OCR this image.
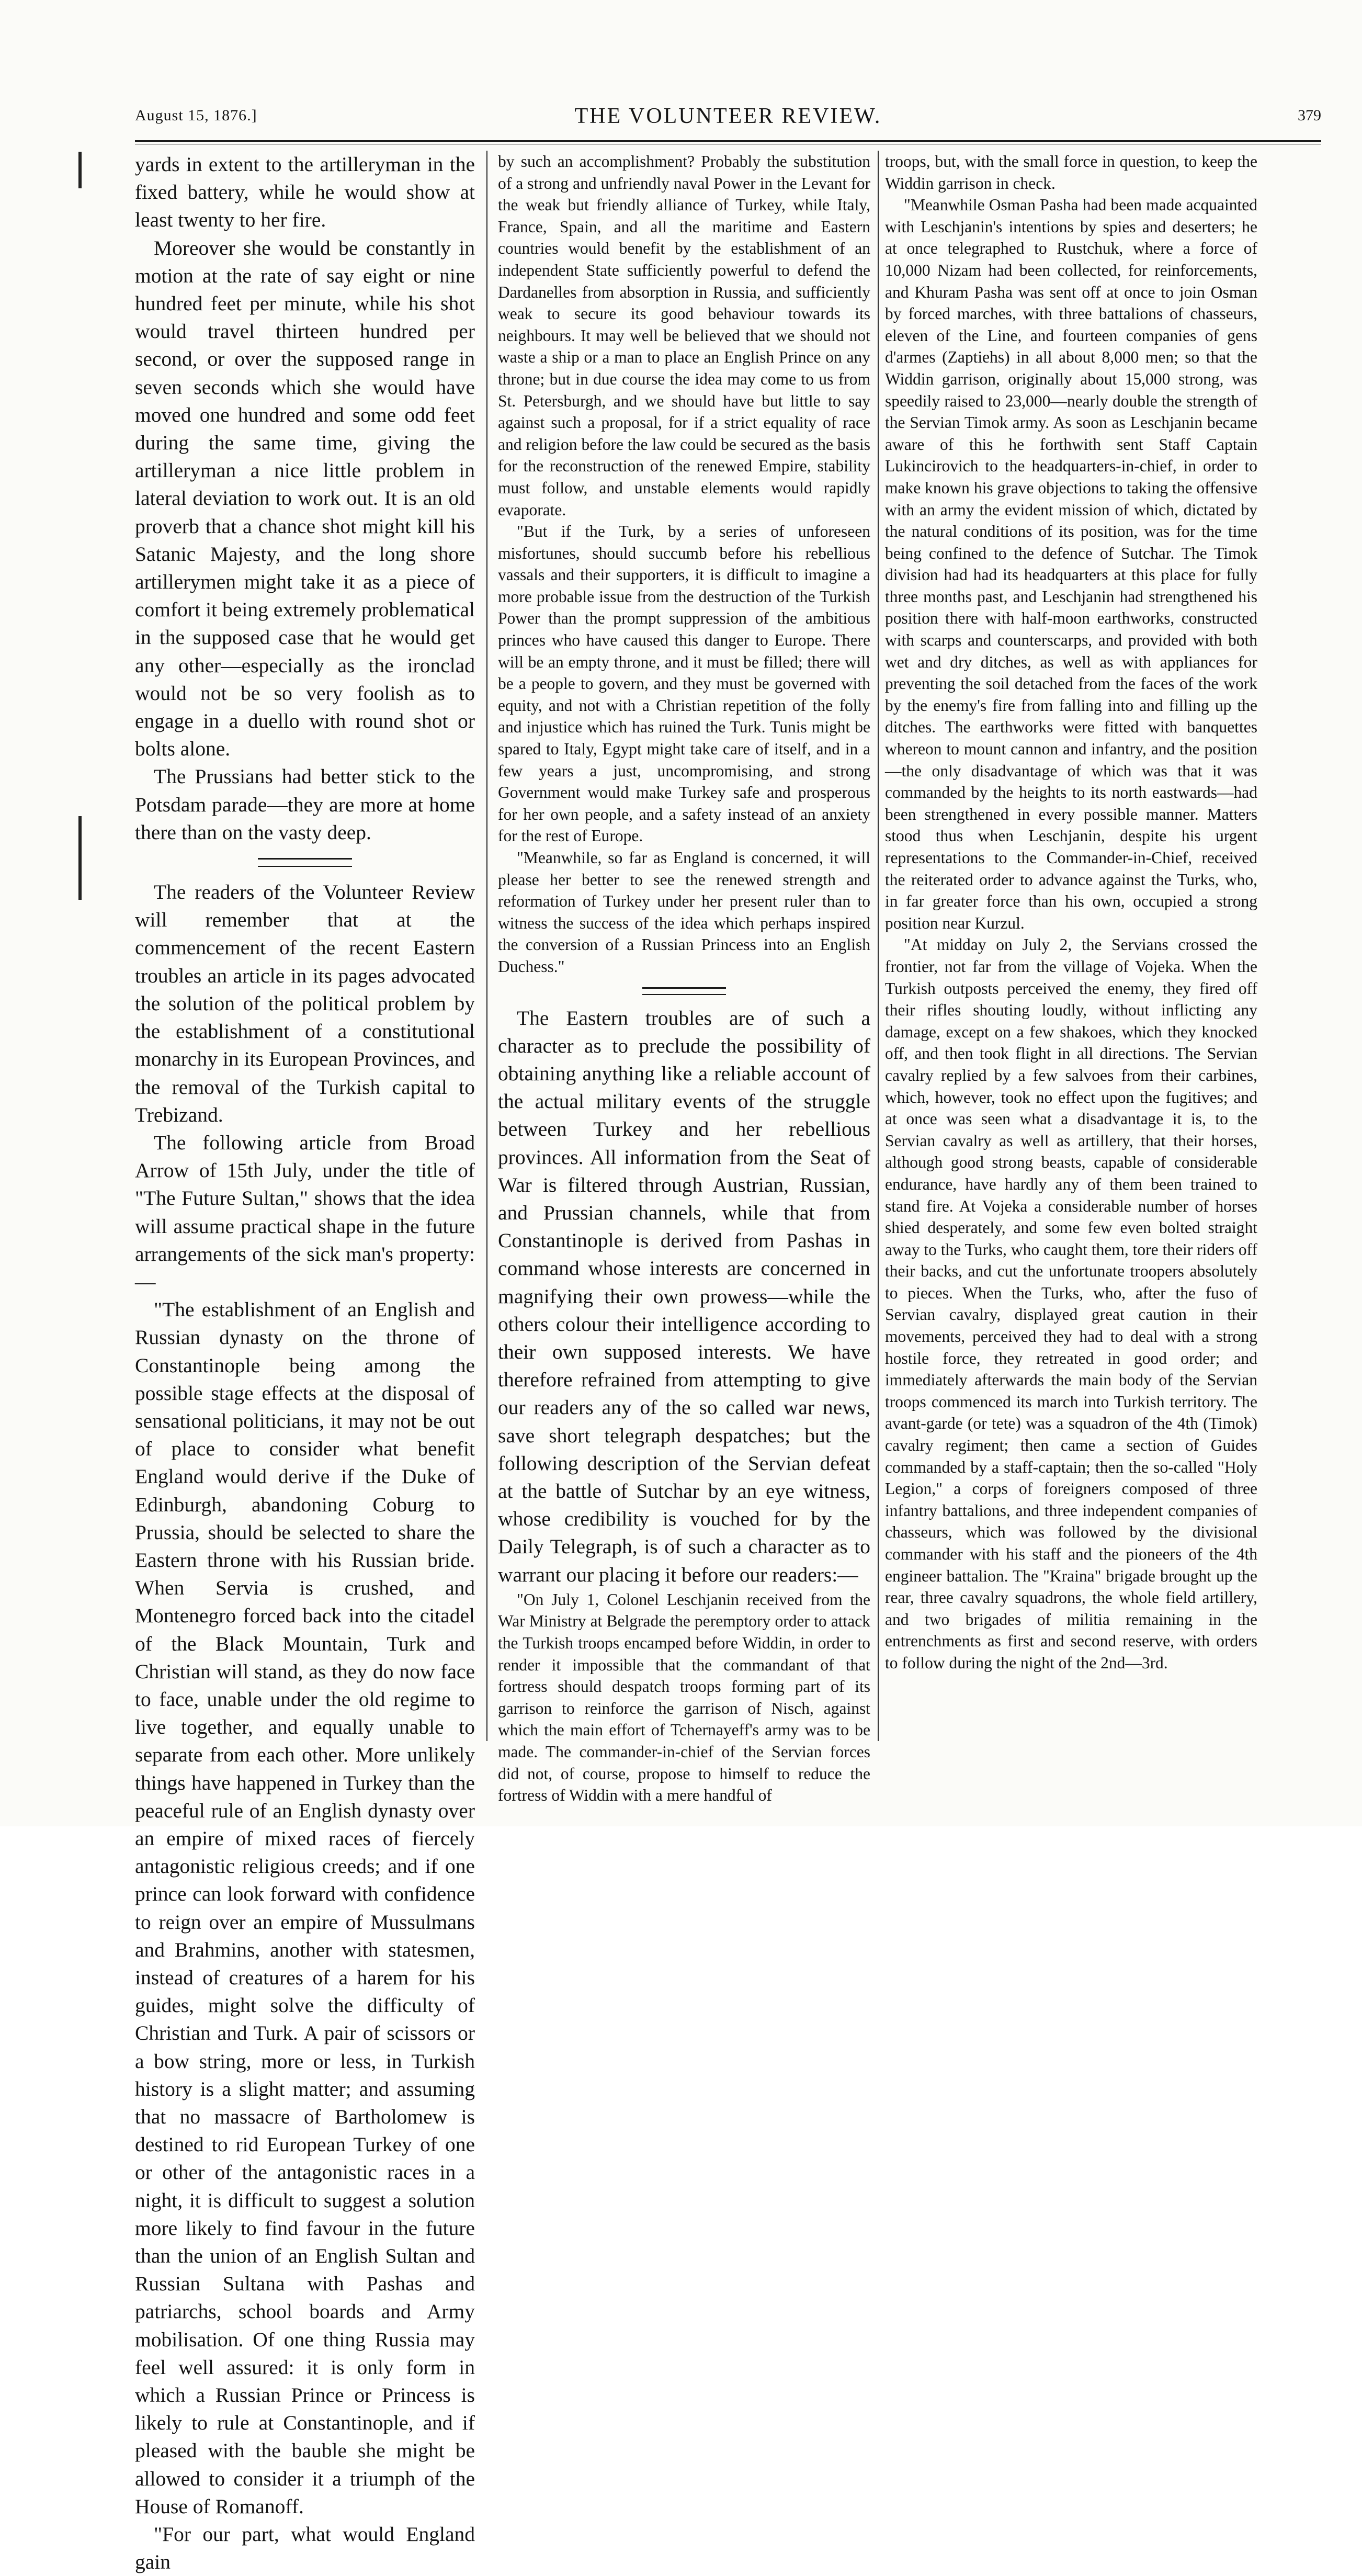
August 15, 1876.]	THE VOLUNTEER REVIEW.	379

yards in extent to the artilleryman in the fixed battery, while he would show at least twenty to her fire.

Moreover she would be constantly in motion at the rate of say eight or nine hundred feet per minute, while his shot would travel thirteen hundred per second, or over the supposed range in seven seconds which she would have moved one hundred and some odd feet during the same time, giving the artilleryman a nice little problem in lateral deviation to work out. It is an old proverb that a chance shot might kill his Satanic Majesty, and the long shore artillerymen might take it as a piece of comfort it being extremely problematical in the supposed case that he would get any other—especially as the ironclad would not be so very foolish as to engage in a duello with round shot or bolts alone.

The Prussians had better stick to the Potsdam parade—they are more at home there than on the vasty deep.

The readers of the Volunteer Review will remember that at the commencement of the recent Eastern troubles an article in its pages advocated the solution of the political problem by the establishment of a constitutional monarchy in its European Provinces, and the removal of the Turkish capital to Trebizand.

The following article from Broad Arrow of 15th July, under the title of "The Future Sultan," shows that the idea will assume practical shape in the future arrangements of the sick man's property:—

"The establishment of an English and Russian dynasty on the throne of Constantinople being among the possible stage effects at the disposal of sensational politicians, it may not be out of place to consider what benefit England would derive if the Duke of Edinburgh, abandoning Coburg to Prussia, should be selected to share the Eastern throne with his Russian bride. When Servia is crushed, and Montenegro forced back into the citadel of the Black Mountain, Turk and Christian will stand, as they do now face to face, unable under the old regime to live together, and equally unable to separate from each other. More unlikely things have happened in Turkey than the peaceful rule of an English dynasty over an empire of mixed races of fiercely antagonistic religious creeds; and if one prince can look forward with confidence to reign over an empire of Mussulmans and Brahmins, another with statesmen, instead of creatures of a harem for his guides, might solve the difficulty of Christian and Turk. A pair of scissors or a bow string, more or less, in Turkish history is a slight matter; and assuming that no massacre of Bartholomew is destined to rid European Turkey of one or other of the antagonistic races in a night, it is difficult to suggest a solution more likely to find favour in the future than the union of an English Sultan and Russian Sultana with Pashas and patriarchs, school boards and Army mobilisation. Of one thing Russia may feel well assured: it is only form in which a Russian Prince or Princess is likely to rule at Constantinople, and if pleased with the bauble she might be allowed to consider it a triumph of the House of Romanoff.

"For our part, what would England gain

by such an accomplishment? Probably the substitution of a strong and unfriendly naval Power in the Levant for the weak but friendly alliance of Turkey, while Italy, France, Spain, and all the maritime and Eastern countries would benefit by the establishment of an independent State sufficiently powerful to defend the Dardanelles from absorption in Russia, and sufficiently weak to secure its good behaviour towards its neighbours. It may well be believed that we should not waste a ship or a man to place an English Prince on any throne; but in due course the idea may come to us from St. Petersburgh, and we should have but little to say against such a proposal, for if a strict equality of race and religion before the law could be secured as the basis for the reconstruction of the renewed Empire, stability must follow, and unstable elements would rapidly evaporate.

"But if the Turk, by a series of unforeseen misfortunes, should succumb before his rebellious vassals and their supporters, it is difficult to imagine a more probable issue from the destruction of the Turkish Power than the prompt suppression of the ambitious princes who have caused this danger to Europe. There will be an empty throne, and it must be filled; there will be a people to govern, and they must be governed with equity, and not with a Christian repetition of the folly and injustice which has ruined the Turk. Tunis might be spared to Italy, Egypt might take care of itself, and in a few years a just, uncompromising, and strong Government would make Turkey safe and prosperous for her own people, and a safety instead of an anxiety for the rest of Europe.

"Meanwhile, so far as England is concerned, it will please her better to see the renewed strength and reformation of Turkey under her present ruler than to witness the success of the idea which perhaps inspired the conversion of a Russian Princess into an English Duchess."

The Eastern troubles are of such a character as to preclude the possibility of obtaining anything like a reliable account of the actual military events of the struggle between Turkey and her rebellious provinces. All information from the Seat of War is filtered through Austrian, Russian, and Prussian channels, while that from Constantinople is derived from Pashas in command whose interests are concerned in magnifying their own prowess—while the others colour their intelligence according to their own supposed interests. We have therefore refrained from attempting to give our readers any of the so called war news, save short telegraph despatches; but the following description of the Servian defeat at the battle of Sutchar by an eye witness, whose credibility is vouched for by the Daily Telegraph, is of such a character as to warrant our placing it before our readers:—

"On July 1, Colonel Leschjanin received from the War Ministry at Belgrade the peremptory order to attack the Turkish troops encamped before Widdin, in order to render it impossible that the commandant of that fortress should despatch troops forming part of its garrison to reinforce the garrison of Nisch, against which the main effort of Tchernayeff's army was to be made. The commander-in-chief of the Servian forces did not, of course, propose to himself to reduce the fortress of Widdin with a mere handful of

troops, but, with the small force in question, to keep the Widdin garrison in check.

"Meanwhile Osman Pasha had been made acquainted with Leschjanin's intentions by spies and deserters; he at once telegraphed to Rustchuk, where a force of 10,000 Nizam had been collected, for reinforcements, and Khuram Pasha was sent off at once to join Osman by forced marches, with three battalions of chasseurs, eleven of the Line, and fourteen companies of gens d'armes (Zaptiehs) in all about 8,000 men; so that the Widdin garrison, originally about 15,000 strong, was speedily raised to 23,000—nearly double the strength of the Servian Timok army. As soon as Leschjanin became aware of this he forthwith sent Staff Captain Lukincirovich to the headquarters-in-chief, in order to make known his grave objections to taking the offensive with an army the evident mission of which, dictated by the natural conditions of its position, was for the time being confined to the defence of Sutchar. The Timok division had had its headquarters at this place for fully three months past, and Leschjanin had strengthened his position there with half-moon earthworks, constructed with scarps and counterscarps, and provided with both wet and dry ditches, as well as with appliances for preventing the soil detached from the faces of the work by the enemy's fire from falling into and filling up the ditches. The earthworks were fitted with banquettes whereon to mount cannon and infantry, and the position—the only disadvantage of which was that it was commanded by the heights to its north eastwards—had been strengthened in every possible manner. Matters stood thus when Leschjanin, despite his urgent representations to the Commander-in-Chief, received the reiterated order to advance against the Turks, who, in far greater force than his own, occupied a strong position near Kurzul.

"At midday on July 2, the Servians crossed the frontier, not far from the village of Vojeka. When the Turkish outposts perceived the enemy, they fired off their rifles shouting loudly, without inflicting any damage, except on a few shakoes, which they knocked off, and then took flight in all directions. The Servian cavalry replied by a few salvoes from their carbines, which, however, took no effect upon the fugitives; and at once was seen what a disadvantage it is, to the Servian cavalry as well as artillery, that their horses, although good strong beasts, capable of considerable endurance, have hardly any of them been trained to stand fire. At Vojeka a considerable number of horses shied desperately, and some few even bolted straight away to the Turks, who caught them, tore their riders off their backs, and cut the unfortunate troopers absolutely to pieces. When the Turks, who, after the fuso of Servian cavalry, displayed great caution in their movements, perceived they had to deal with a strong hostile force, they retreated in good order; and immediately afterwards the main body of the Servian troops commenced its march into Turkish territory. The avant-garde (or tete) was a squadron of the 4th (Timok) cavalry regiment; then came a section of Guides commanded by a staff-captain; then the so-called "Holy Legion," a corps of foreigners composed of three infantry battalions, and three independent companies of chasseurs, which was followed by the divisional commander with his staff and the pioneers of the 4th engineer battalion. The "Kraina" brigade brought up the rear, three cavalry squadrons, the whole field artillery, and two brigades of militia remaining in the entrenchments as first and second reserve, with orders to follow during the night of the 2nd—3rd.
